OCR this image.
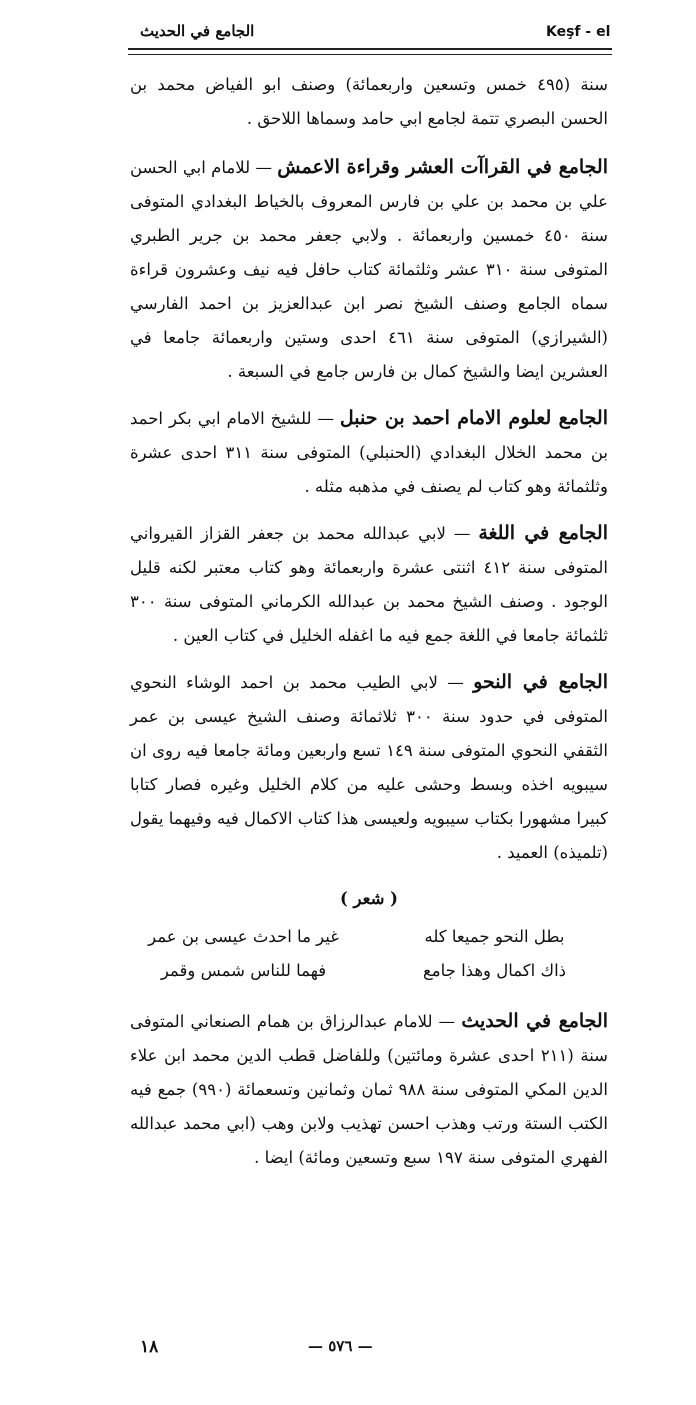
Keşf - el
الجامع في الحديث

سنة (٤٩٥ خمس وتسعين واربعمائة) وصنف ابو الفياض محمد بن الحسن البصري تتمة لجامع ابي حامد وسماها اللاحق .

الجامع في القراآت العشر وقراءة الاعمش — للامام ابي الحسن علي بن محمد بن علي بن فارس المعروف بالخياط البغدادي المتوفى سنة ٤٥٠ خمسين واربعمائة . ولابي جعفر محمد بن جرير الطبري المتوفى سنة ٣١٠ عشر وثلثمائة كتاب حافل فيه نيف وعشرون قراءة سماه الجامع وصنف الشيخ نصر ابن عبدالعزيز بن احمد الفارسي (الشيرازي) المتوفى سنة ٤٦١ احدى وستين واربعمائة جامعا في العشرين ايضا والشيخ كمال بن فارس جامع في السبعة .

الجامع لعلوم الامام احمد بن حنبل — للشيخ الامام ابي بكر احمد بن محمد الخلال البغدادي (الحنبلي) المتوفى سنة ٣١١ احدى عشرة وثلثمائة وهو كتاب لم يصنف في مذهبه مثله .

الجامع في اللغة — لابي عبدالله محمد بن جعفر القزاز القيرواني المتوفى سنة ٤١٢ اثنتى عشرة واربعمائة وهو كتاب معتبر لكنه قليل الوجود . وصنف الشيخ محمد بن عبدالله الكرماني المتوفى سنة ٣٠٠ ثلثمائة جامعا في اللغة جمع فيه ما اغفله الخليل في كتاب العين .

الجامع في النحو — لابي الطيب محمد بن احمد الوشاء النحوي المتوفى في حدود سنة ٣٠٠ ثلاثمائة وصنف الشيخ عيسى بن عمر الثقفي النحوي المتوفى سنة ١٤٩ تسع واربعين ومائة جامعا فيه روى ان سيبويه اخذه وبسط وحشى عليه من كلام الخليل وغيره فصار كتابا كبيرا مشهورا بكتاب سيبويه ولعيسى هذا كتاب الاكمال فيه وفيهما يقول (تلميذه) العميد .

( شعر )
بطل النحو جميعا كله
غير ما احدث عيسى بن عمر
ذاك اكمال وهذا جامع
فهما للناس شمس وقمر

الجامع في الحديث — للامام عبدالرزاق بن همام الصنعاني المتوفى سنة (٢١١ احدى عشرة ومائتين) وللفاضل قطب الدين محمد ابن علاء الدين المكي المتوفى سنة ٩٨٨ ثمان وثمانين وتسعمائة (٩٩٠) جمع فيه الكتب الستة ورتب وهذب احسن تهذيب ولابن وهب (ابي محمد عبدالله الفهري المتوفى سنة ١٩٧ سبع وتسعين ومائة) ايضا .

— ٥٧٦ —
١٨
